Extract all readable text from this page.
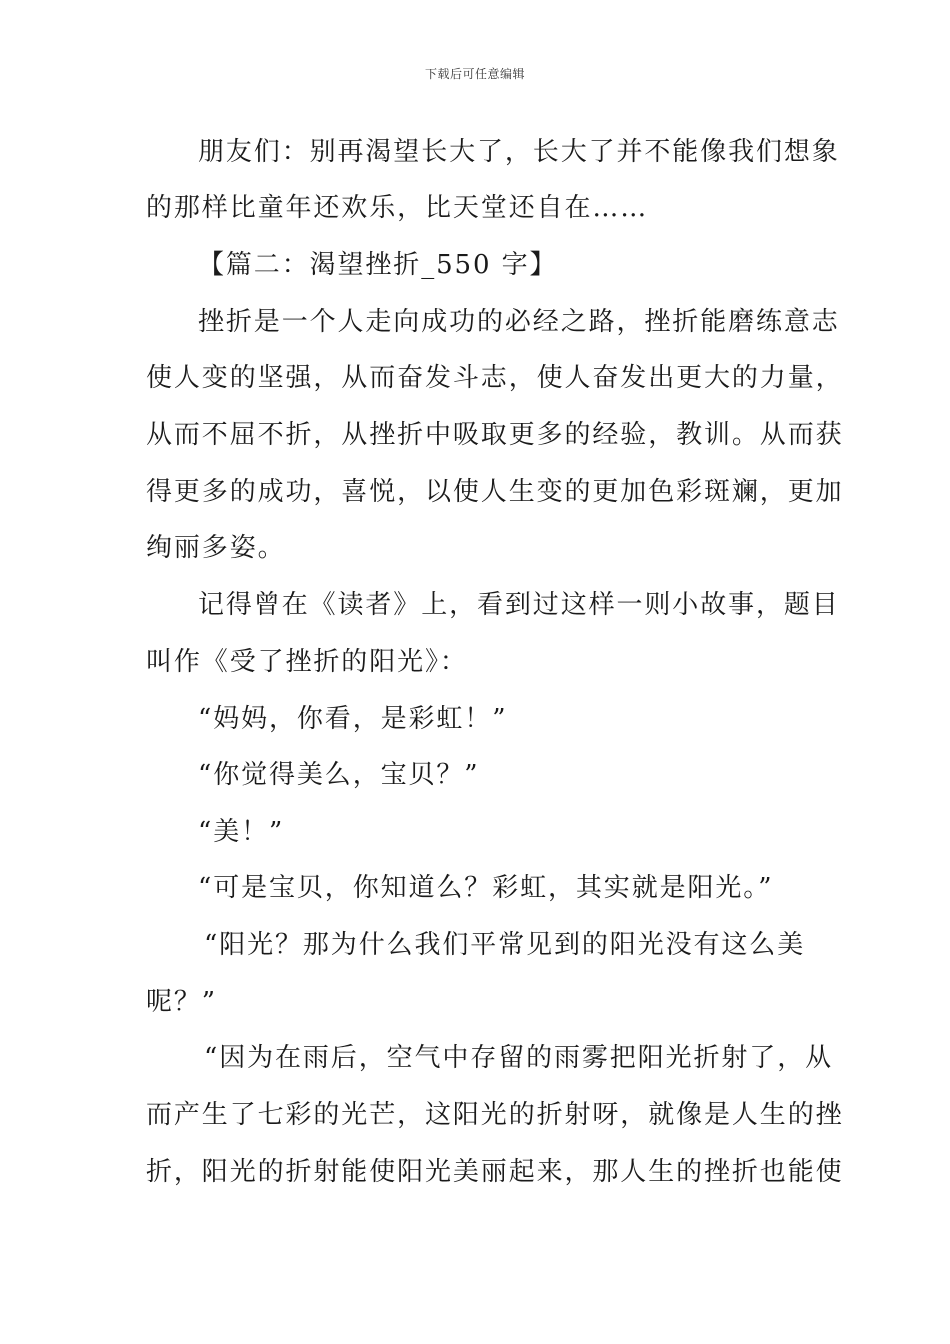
下载后可任意编辑
朋友们：别再渴望长大了，长大了并不能像我们想象
的那样比童年还欢乐，比天堂还自在……
【篇二：渴望挫折_550 字】
挫折是一个人走向成功的必经之路，挫折能磨练意志
使人变的坚强，从而奋发斗志，使人奋发出更大的力量，
从而不屈不折，从挫折中吸取更多的经验，教训。从而获
得更多的成功，喜悦，以使人生变的更加色彩斑斓，更加
绚丽多姿。
记得曾在《读者》上，看到过这样一则小故事，题目
叫作《受了挫折的阳光》：
“妈妈，你看，是彩虹！”
“你觉得美么，宝贝？”
“美！”
“可是宝贝，你知道么？彩虹，其实就是阳光。”
“阳光？那为什么我们平常见到的阳光没有这么美
呢？”
“因为在雨后，空气中存留的雨雾把阳光折射了，从
而产生了七彩的光芒，这阳光的折射呀，就像是人生的挫
折，阳光的折射能使阳光美丽起来，那人生的挫折也能使
